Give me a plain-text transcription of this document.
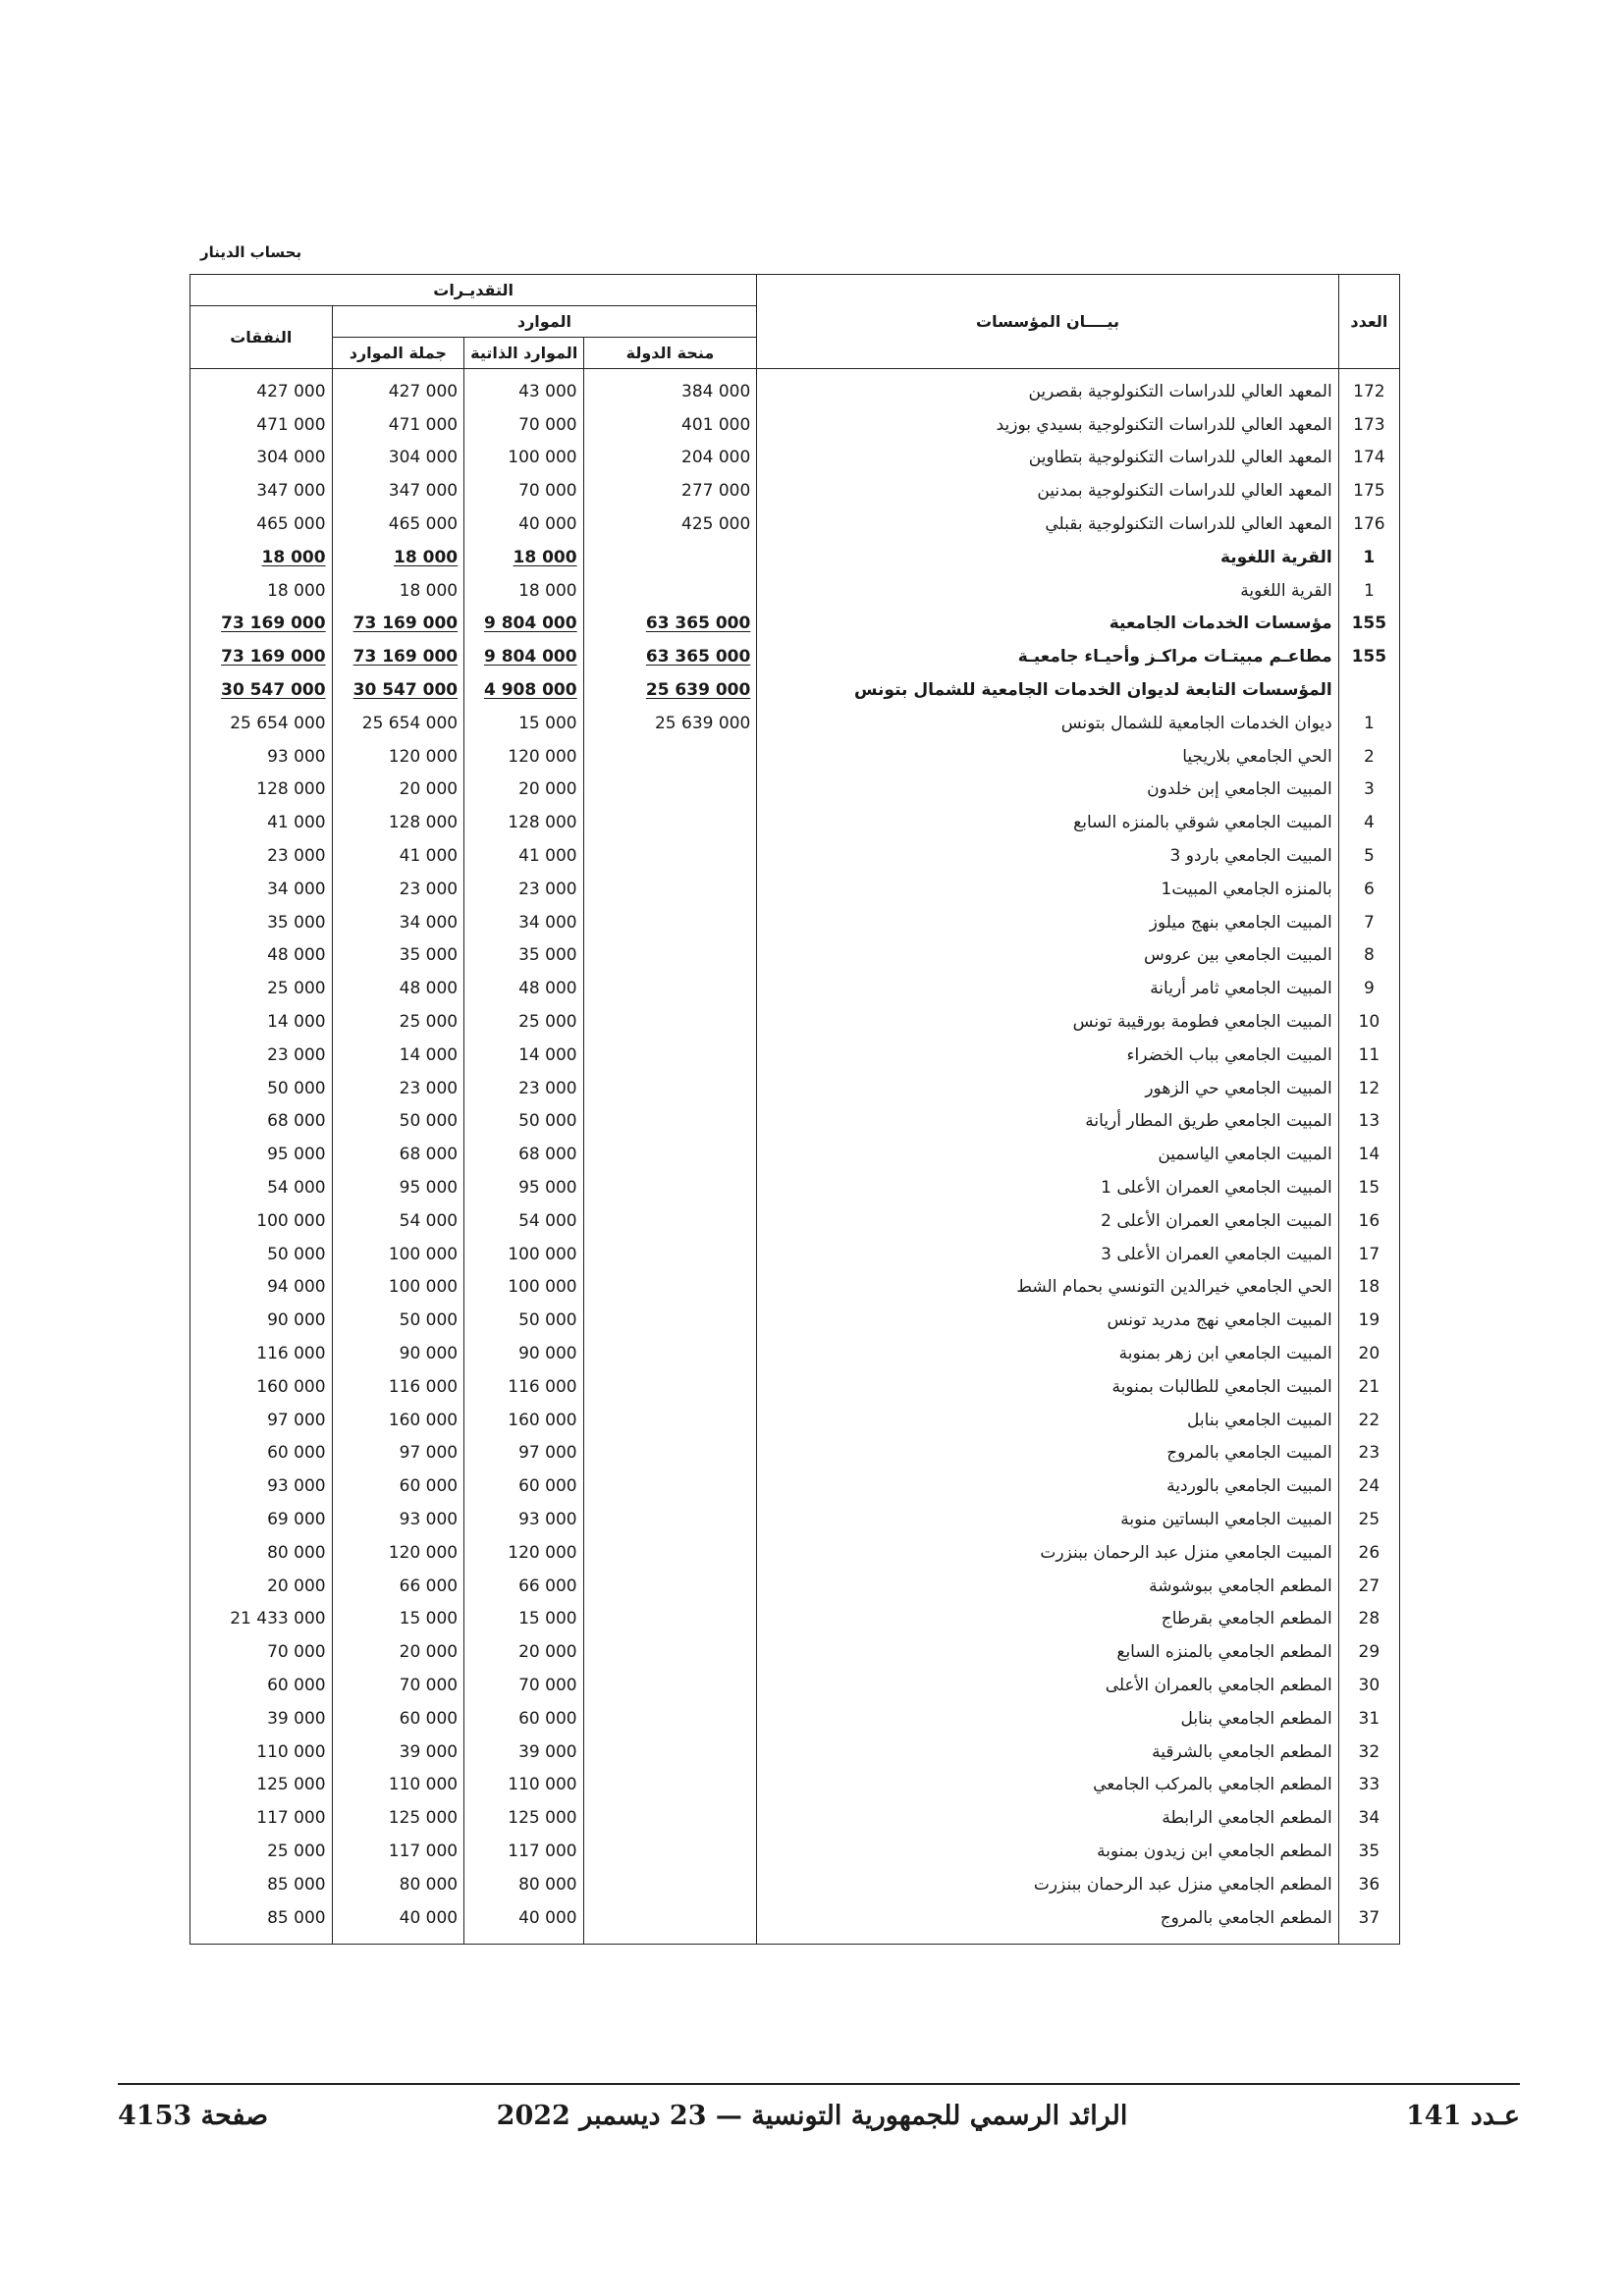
بحساب الدينار
التقديـرات				بيــــان المؤسسات	العدد
النفقات	الموارد				
	جملة الموارد	الموارد الذاتية	منحة الدولة		
427 000	427 000	43 000	384 000	المعهد العالي للدراسات التكنولوجية بقصرين	172
471 000	471 000	70 000	401 000	المعهد العالي للدراسات التكنولوجية بسيدي بوزيد	173
304 000	304 000	100 000	204 000	المعهد العالي للدراسات التكنولوجية بتطاوين	174
347 000	347 000	70 000	277 000	المعهد العالي للدراسات التكنولوجية بمدنين	175
465 000	465 000	40 000	425 000	المعهد العالي للدراسات التكنولوجية بقبلي	176
18 000	18 000	18 000		القرية اللغوية	1
18 000	18 000	18 000		القرية اللغوية	1
73 169 000	73 169 000	9 804 000	63 365 000	مؤسسات الخدمات الجامعية	155
73 169 000	73 169 000	9 804 000	63 365 000	مطاعـم مبيتـات مراكـز وأحيـاء جامعيـة	155
30 547 000	30 547 000	4 908 000	25 639 000	المؤسسات التابعة لديوان الخدمات الجامعية للشمال بتونس	
25 654 000	25 654 000	15 000	25 639 000	ديوان الخدمات الجامعية للشمال بتونس	1
93 000	120 000	120 000		الحي الجامعي بلاريجيا	2
128 000	20 000	20 000		المبيت الجامعي إبن خلدون	3
41 000	128 000	128 000		المبيت الجامعي شوقي بالمنزه السابع	4
23 000	41 000	41 000		المبيت الجامعي باردو 3	5
34 000	23 000	23 000		بالمنزه الجامعي المبيت1	6
35 000	34 000	34 000		المبيت الجامعي بنهج ميلوز	7
48 000	35 000	35 000		المبيت الجامعي بين عروس	8
25 000	48 000	48 000		المبيت الجامعي ثامر أريانة	9
14 000	25 000	25 000		المبيت الجامعي فطومة بورقيبة تونس	10
23 000	14 000	14 000		المبيت الجامعي بباب الخضراء	11
50 000	23 000	23 000		المبيت الجامعي حي الزهور	12
68 000	50 000	50 000		المبيت الجامعي طريق المطار أريانة	13
95 000	68 000	68 000		المبيت الجامعي الياسمين	14
54 000	95 000	95 000		المبيت الجامعي العمران الأعلى 1	15
100 000	54 000	54 000		المبيت الجامعي العمران الأعلى 2	16
50 000	100 000	100 000		المبيت الجامعي العمران الأعلى 3	17
94 000	100 000	100 000		الحي الجامعي خيرالدين التونسي بحمام الشط	18
90 000	50 000	50 000		المبيت الجامعي نهج مدريد تونس	19
116 000	90 000	90 000		المبيت الجامعي ابن زهر بمنوبة	20
160 000	116 000	116 000		المبيت الجامعي للطالبات بمنوبة	21
97 000	160 000	160 000		المبيت الجامعي بنابل	22
60 000	97 000	97 000		المبيت الجامعي بالمروج	23
93 000	60 000	60 000		المبيت الجامعي بالوردية	24
69 000	93 000	93 000		المبيت الجامعي البساتين منوبة	25
80 000	120 000	120 000		المبيت الجامعي منزل عبد الرحمان ببنزرت	26
20 000	66 000	66 000		المطعم الجامعي ببوشوشة	27
21 433 000	15 000	15 000		المطعم الجامعي بقرطاج	28
70 000	20 000	20 000		المطعم الجامعي بالمنزه السابع	29
60 000	70 000	70 000		المطعم الجامعي بالعمران الأعلى	30
39 000	60 000	60 000		المطعم الجامعي بنابل	31
110 000	39 000	39 000		المطعم الجامعي بالشرقية	32
125 000	110 000	110 000		المطعم الجامعي بالمركب الجامعي	33
117 000	125 000	125 000		المطعم الجامعي الرابطة	34
25 000	117 000	117 000		المطعم الجامعي ابن زيدون بمنوبة	35
85 000	80 000	80 000		المطعم الجامعي منزل عبد الرحمان ببنزرت	36
85 000	40 000	40 000		المطعم الجامعي بالمروج	37
صفحة 4153	الرائد الرسمي للجمهورية التونسية — 23 ديسمبر 2022	عـدد 141
